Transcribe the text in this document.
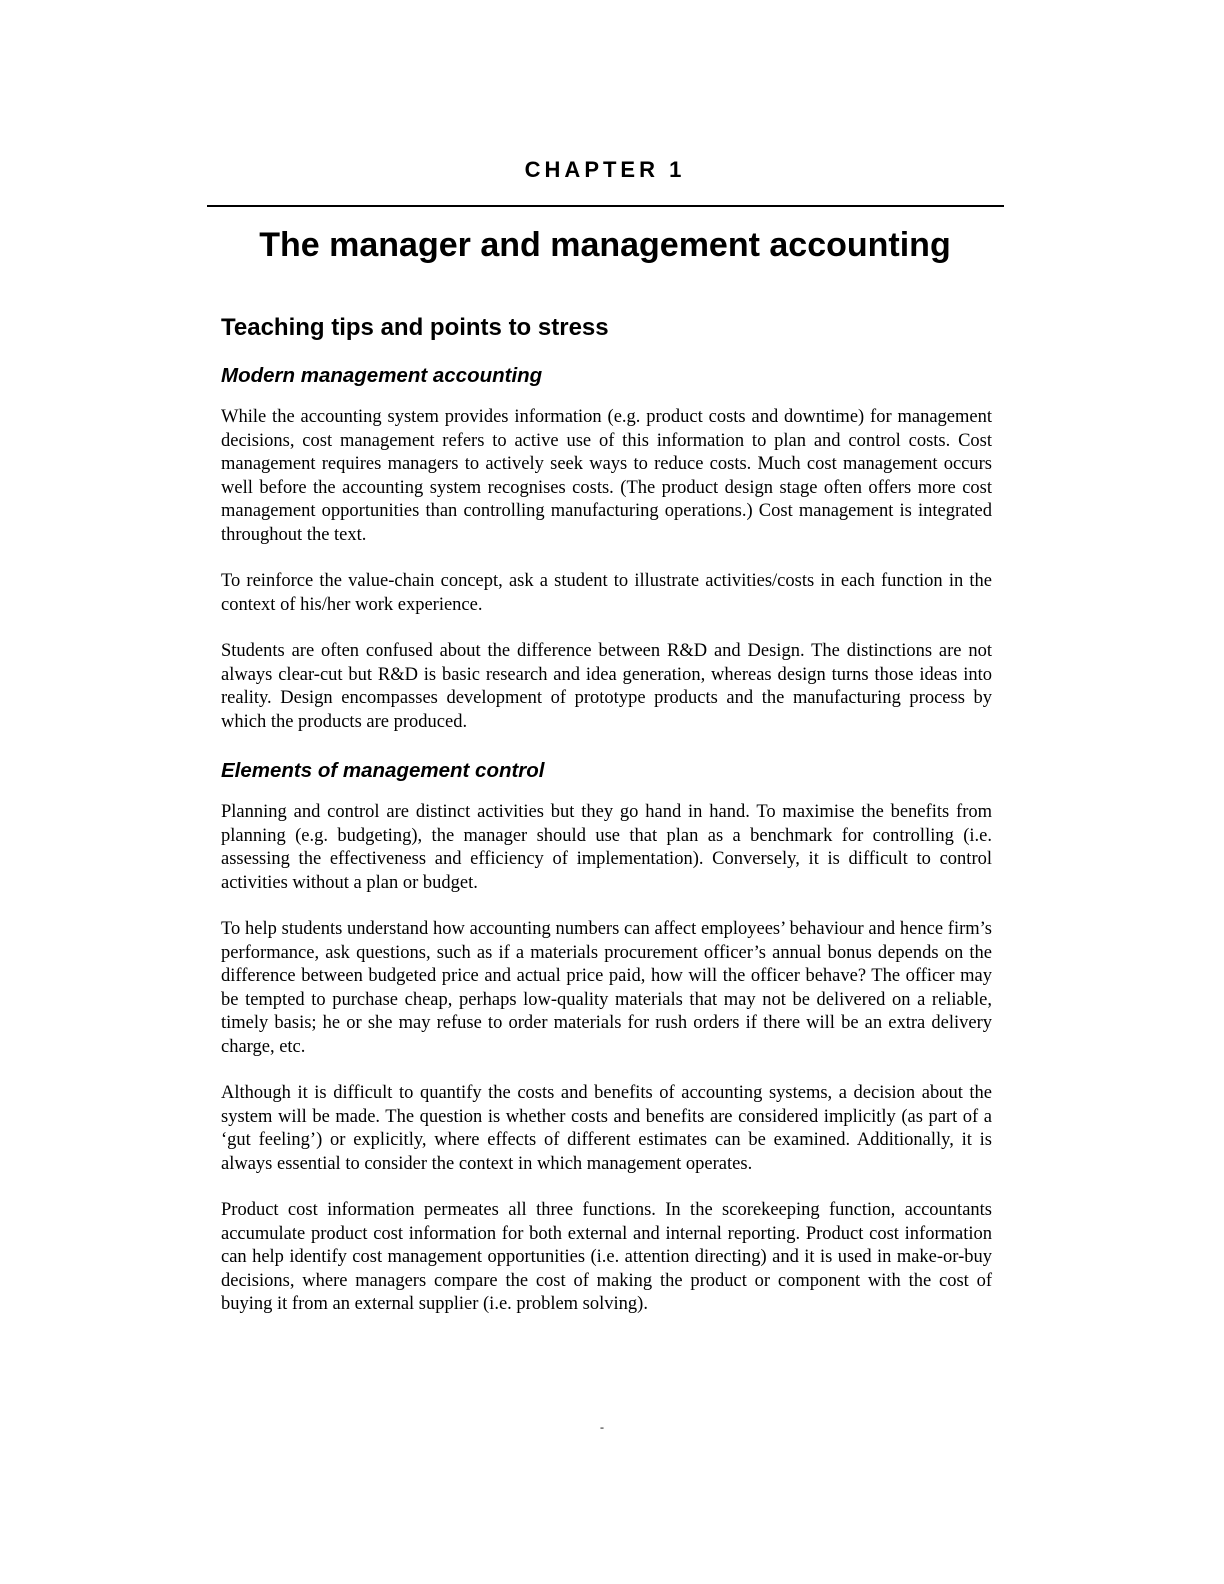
CHAPTER 1
The manager and management accounting
Teaching tips and points to stress
Modern management accounting

While the accounting system provides information (e.g. product costs and downtime) for management decisions, cost management refers to active use of this information to plan and control costs. Cost management requires managers to actively seek ways to reduce costs. Much cost management occurs well before the accounting system recognises costs. (The product design stage often offers more cost management opportunities than controlling manufacturing operations.) Cost management is integrated throughout the text.

To reinforce the value-chain concept, ask a student to illustrate activities/costs in each function in the context of his/her work experience.

Students are often confused about the difference between R&D and Design. The distinctions are not always clear-cut but R&D is basic research and idea generation, whereas design turns those ideas into reality. Design encompasses development of prototype products and the manufacturing process by which the products are produced.

Elements of management control

Planning and control are distinct activities but they go hand in hand. To maximise the benefits from planning (e.g. budgeting), the manager should use that plan as a benchmark for controlling (i.e. assessing the effectiveness and efficiency of implementation). Conversely, it is difficult to control activities without a plan or budget.

To help students understand how accounting numbers can affect employees’ behaviour and hence firm’s performance, ask questions, such as if a materials procurement officer’s annual bonus depends on the difference between budgeted price and actual price paid, how will the officer behave? The officer may be tempted to purchase cheap, perhaps low-quality materials that may not be delivered on a reliable, timely basis; he or she may refuse to order materials for rush orders if there will be an extra delivery charge, etc.

Although it is difficult to quantify the costs and benefits of accounting systems, a decision about the system will be made. The question is whether costs and benefits are considered implicitly (as part of a ‘gut feeling’) or explicitly, where effects of different estimates can be examined. Additionally, it is always essential to consider the context in which management operates.

Product cost information permeates all three functions. In the scorekeeping function, accountants accumulate product cost information for both external and internal reporting. Product cost information can help identify cost management opportunities (i.e. attention directing) and it is used in make-or-buy decisions, where managers compare the cost of making the product or component with the cost of buying it from an external supplier (i.e. problem solving).

-
